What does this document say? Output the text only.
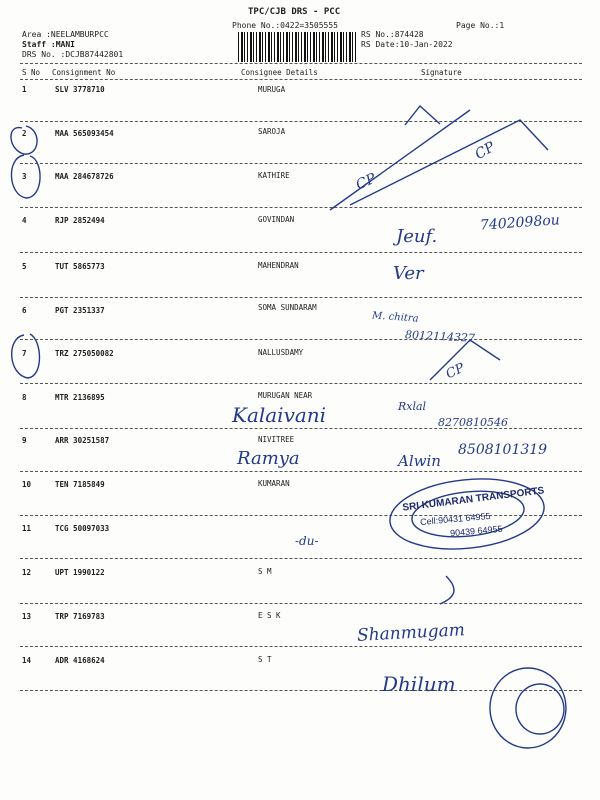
TPC/CJB DRS - PCC
Phone No.:0422=3505555	Page No.:1
Area :NEELAMBURPCC
Staff :MANI
DRS No. :DCJB87442801
RS No.:874428
RS Date:10-Jan-2022
S No Consignment No	Consignee Details	Signature
1	SLV 3778710	MURUGA
2	MAA 565093454	SAROJA
3	MAA 284678726	KATHIRE
4	RJP 2852494	GOVINDAN
5	TUT 5865773	MAHENDRAN
6	PGT 2351337	SOMA SUNDARAM
7	TRZ 275050082	NALLUSDAMY
8	MTR 2136895	MURUGAN NEAR
9	ARR 30251587	NIVITREE
10	TEN 7185849	KUMARAN
11	TCG 50097033
12	UPT 1990122	S M
13	TRP 7169783	E S K
14	ADR 4168624	S T
CP
CP
7402098ou
Jeuf.
Ver
M. chitra
8012114327
CP
Kalaivani	Rxlal
8270810546
Ramya	Alwin
8508101319
-du-
Shanmugam
Dhilum
SRI KUMARAN TRANSPORTS
Cell:90431 64955
90439 64955
